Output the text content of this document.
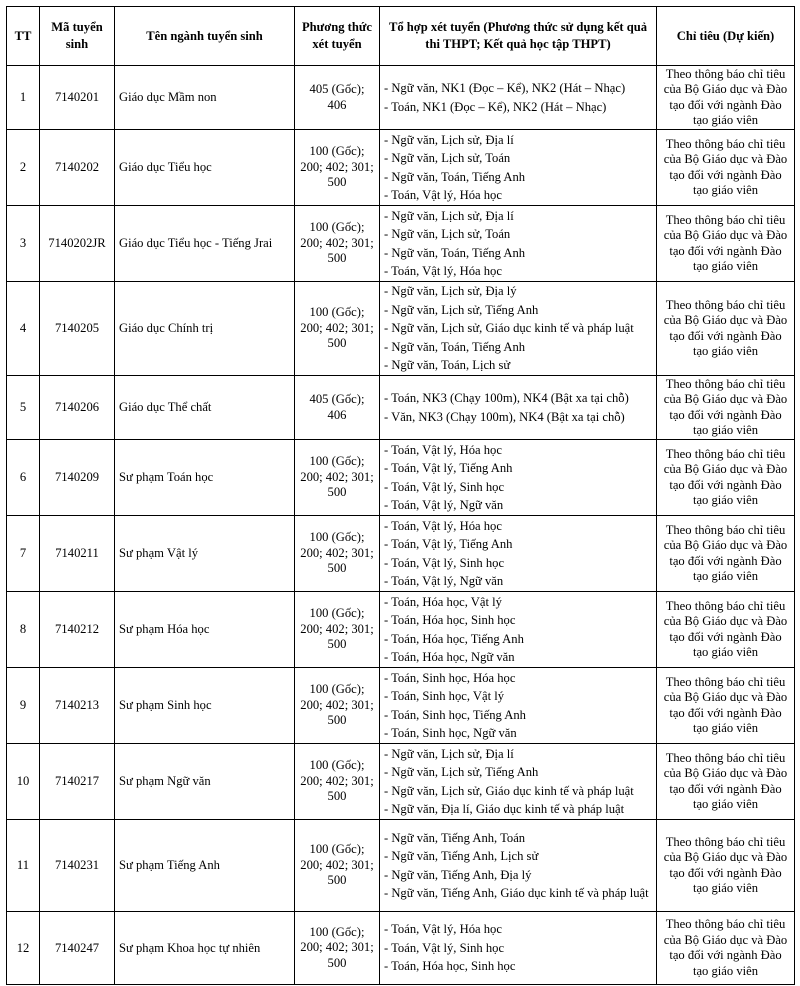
TT	Mã tuyển sinh	Tên ngành tuyển sinh	Phương thức xét tuyển	Tổ hợp xét tuyển (Phương thức sử dụng kết quả thi THPT; Kết quả học tập THPT)	Chỉ tiêu (Dự kiến)
1	7140201	Giáo dục Mầm non	405 (Gốc); 406	- Ngữ văn, NK1 (Đọc – Kể), NK2 (Hát – Nhạc)
- Toán, NK1 (Đọc – Kể), NK2 (Hát – Nhạc)	Theo thông báo chỉ tiêu của Bộ Giáo dục và Đào tạo đối với ngành Đào tạo giáo viên
2	7140202	Giáo dục Tiểu học	100 (Gốc); 200; 402; 301; 500	- Ngữ văn, Lịch sử, Địa lí
- Ngữ văn, Lịch sử, Toán
- Ngữ văn, Toán, Tiếng Anh
- Toán, Vật lý, Hóa học	Theo thông báo chỉ tiêu của Bộ Giáo dục và Đào tạo đối với ngành Đào tạo giáo viên
3	7140202JR	Giáo dục Tiểu học - Tiếng Jrai	100 (Gốc); 200; 402; 301; 500	- Ngữ văn, Lịch sử, Địa lí
- Ngữ văn, Lịch sử, Toán
- Ngữ văn, Toán, Tiếng Anh
- Toán, Vật lý, Hóa học	Theo thông báo chỉ tiêu của Bộ Giáo dục và Đào tạo đối với ngành Đào tạo giáo viên
4	7140205	Giáo dục Chính trị	100 (Gốc); 200; 402; 301; 500	- Ngữ văn, Lịch sử, Địa lý
- Ngữ văn, Lịch sử, Tiếng Anh
- Ngữ văn, Lịch sử, Giáo dục kinh tế và pháp luật
- Ngữ văn, Toán, Tiếng Anh
- Ngữ văn, Toán, Lịch sử	Theo thông báo chỉ tiêu của Bộ Giáo dục và Đào tạo đối với ngành Đào tạo giáo viên
5	7140206	Giáo dục Thể chất	405 (Gốc); 406	- Toán, NK3 (Chạy 100m), NK4 (Bật xa tại chỗ)
- Văn, NK3 (Chạy 100m), NK4 (Bật xa tại chỗ)	Theo thông báo chỉ tiêu của Bộ Giáo dục và Đào tạo đối với ngành Đào tạo giáo viên
6	7140209	Sư phạm Toán học	100 (Gốc); 200; 402; 301; 500	- Toán, Vật lý, Hóa học
- Toán, Vật lý, Tiếng Anh
- Toán, Vật lý, Sinh học
- Toán, Vật lý, Ngữ văn	Theo thông báo chỉ tiêu của Bộ Giáo dục và Đào tạo đối với ngành Đào tạo giáo viên
7	7140211	Sư phạm Vật lý	100 (Gốc); 200; 402; 301; 500	- Toán, Vật lý, Hóa học
- Toán, Vật lý, Tiếng Anh
- Toán, Vật lý, Sinh học
- Toán, Vật lý, Ngữ văn	Theo thông báo chỉ tiêu của Bộ Giáo dục và Đào tạo đối với ngành Đào tạo giáo viên
8	7140212	Sư phạm Hóa học	100 (Gốc); 200; 402; 301; 500	- Toán, Hóa học, Vật lý
- Toán, Hóa học, Sinh học
- Toán, Hóa học, Tiếng Anh
- Toán, Hóa học, Ngữ văn	Theo thông báo chỉ tiêu của Bộ Giáo dục và Đào tạo đối với ngành Đào tạo giáo viên
9	7140213	Sư phạm Sinh học	100 (Gốc); 200; 402; 301; 500	- Toán, Sinh học, Hóa học
- Toán, Sinh học, Vật lý
- Toán, Sinh học, Tiếng Anh
- Toán, Sinh học, Ngữ văn	Theo thông báo chỉ tiêu của Bộ Giáo dục và Đào tạo đối với ngành Đào tạo giáo viên
10	7140217	Sư phạm Ngữ văn	100 (Gốc); 200; 402; 301; 500	- Ngữ văn, Lịch sử, Địa lí
- Ngữ văn, Lịch sử, Tiếng Anh
- Ngữ văn, Lịch sử, Giáo dục kinh tế và pháp luật
- Ngữ văn, Địa lí, Giáo dục kinh tế và pháp luật	Theo thông báo chỉ tiêu của Bộ Giáo dục và Đào tạo đối với ngành Đào tạo giáo viên
11	7140231	Sư phạm Tiếng Anh	100 (Gốc); 200; 402; 301; 500	- Ngữ văn, Tiếng Anh, Toán
- Ngữ văn, Tiếng Anh, Lịch sử
- Ngữ văn, Tiếng Anh, Địa lý
- Ngữ văn, Tiếng Anh, Giáo dục kinh tế và pháp luật	Theo thông báo chỉ tiêu của Bộ Giáo dục và Đào tạo đối với ngành Đào tạo giáo viên
12	7140247	Sư phạm Khoa học tự nhiên	100 (Gốc); 200; 402; 301; 500	- Toán, Vật lý, Hóa học
- Toán, Vật lý, Sinh học
- Toán, Hóa học, Sinh học	Theo thông báo chỉ tiêu của Bộ Giáo dục và Đào tạo đối với ngành Đào tạo giáo viên
